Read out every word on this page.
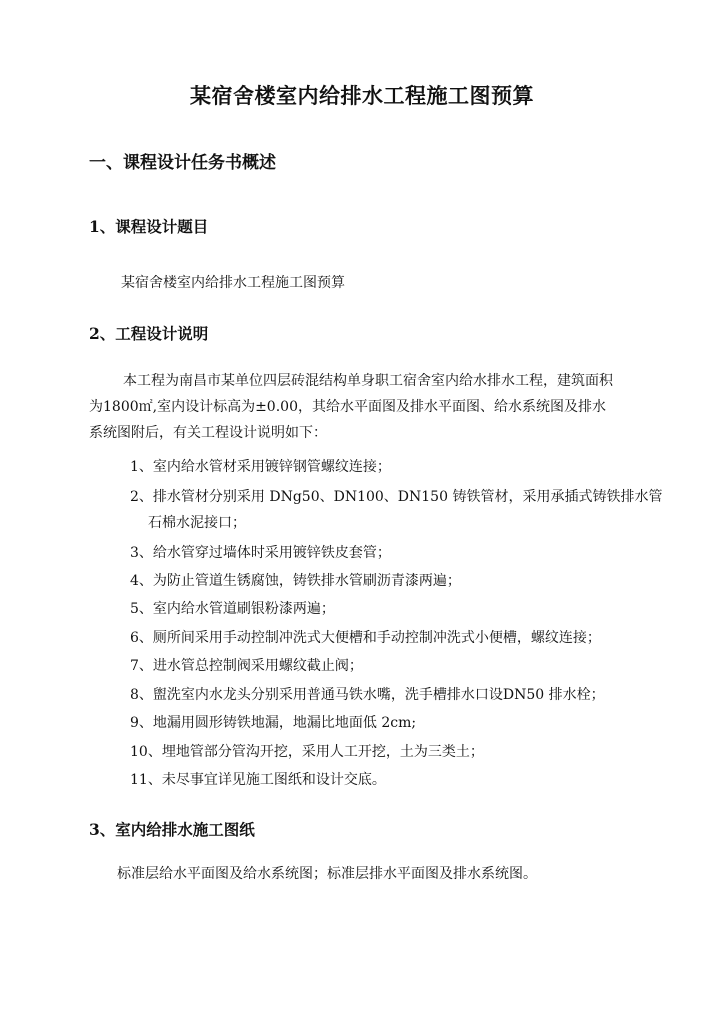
某宿舍楼室内给排水工程施工图预算
一、课程设计任务书概述
1、课程设计题目
某宿舍楼室内给排水工程施工图预算
2、工程设计说明
本工程为南昌市某单位四层砖混结构单身职工宿舍室内给水排水工程，建筑面积
为1800㎡,室内设计标高为±0.00，其给水平面图及排水平面图、给水系统图及排水
系统图附后，有关工程设计说明如下：
1、室内给水管材采用镀锌钢管螺纹连接；
2、排水管材分别采用 DNg50、DN100、DN150 铸铁管材，采用承插式铸铁排水管
石棉水泥接口；
3、给水管穿过墙体时采用镀锌铁皮套管；
4、为防止管道生锈腐蚀，铸铁排水管刷沥青漆两遍；
5、室内给水管道刷银粉漆两遍；
6、厕所间采用手动控制冲洗式大便槽和手动控制冲洗式小便槽，螺纹连接；
7、进水管总控制阀采用螺纹截止阀；
8、盥洗室内水龙头分别采用普通马铁水嘴，洗手槽排水口设DN50 排水栓；
9、地漏用圆形铸铁地漏，地漏比地面低 2cm;
10、埋地管部分管沟开挖，采用人工开挖，土为三类土；
11、未尽事宜详见施工图纸和设计交底。
3、室内给排水施工图纸
标准层给水平面图及给水系统图；标准层排水平面图及排水系统图。
